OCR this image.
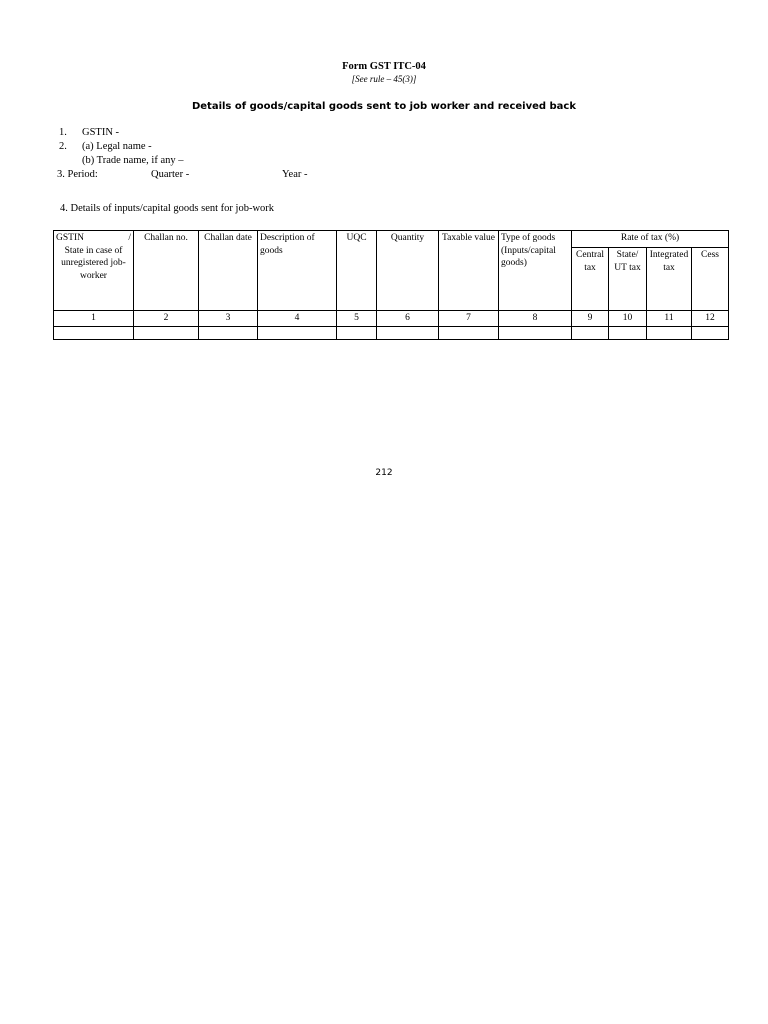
Form GST ITC-04
[See rule – 45(3)]
Details of goods/capital goods sent to job worker and received back
1. GSTIN -
2. (a) Legal name -
(b) Trade name, if any –
3. Period:	Quarter -	Year -
4. Details of inputs/capital goods sent for job-work
GSTIN /
State in case of unregistered job-worker	Challan no.	Challan date	Description of goods	UQC	Quantity	Taxable value	Type of goods (Inputs/capital goods)	Rate of tax (%)			
								Central tax	State/ UT tax	Integrated tax	Cess
1	2	3	4	5	6	7	8	9	10	11	12

212
